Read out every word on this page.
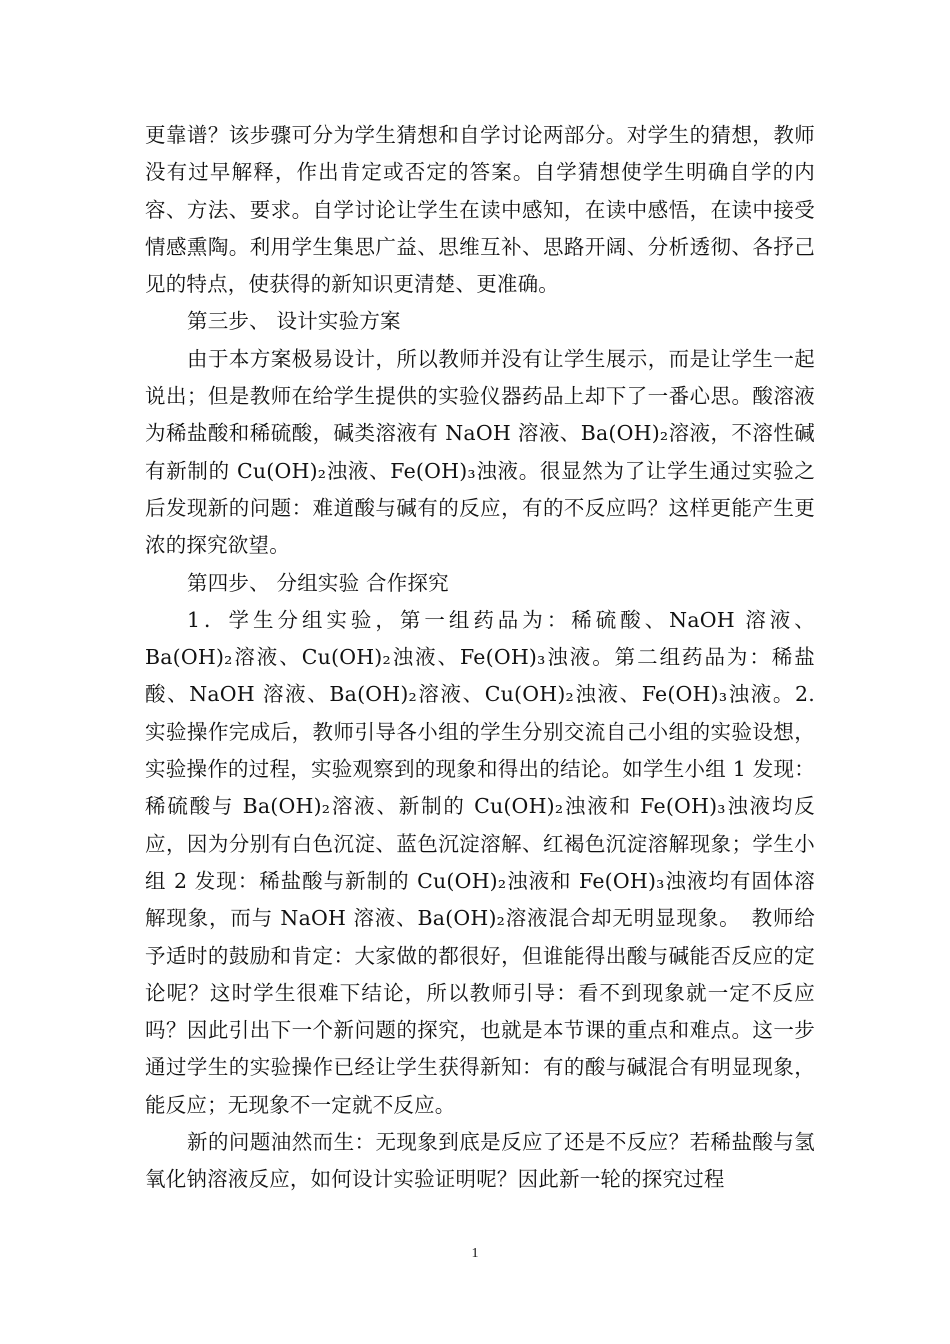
更靠谱？该步骤可分为学生猜想和自学讨论两部分。对学生的猜想，教师没有过早解释，作出肯定或否定的答案。自学猜想使学生明确自学的内容、方法、要求。自学讨论让学生在读中感知，在读中感悟，在读中接受情感熏陶。利用学生集思广益、思维互补、思路开阔、分析透彻、各抒己见的特点，使获得的新知识更清楚、更准确。

第三步、 设计实验方案

由于本方案极易设计，所以教师并没有让学生展示，而是让学生一起说出；但是教师在给学生提供的实验仪器药品上却下了一番心思。酸溶液为稀盐酸和稀硫酸，碱类溶液有 NaOH 溶液、Ba(OH)₂溶液，不溶性碱有新制的 Cu(OH)₂浊液、Fe(OH)₃浊液。很显然为了让学生通过实验之后发现新的问题：难道酸与碱有的反应，有的不反应吗？这样更能产生更浓的探究欲望。

第四步、 分组实验 合作探究

1．学生分组实验，第一组药品为：稀硫酸、NaOH 溶液、Ba(OH)₂溶液、Cu(OH)₂浊液、Fe(OH)₃浊液。第二组药品为：稀盐酸、NaOH 溶液、Ba(OH)₂溶液、Cu(OH)₂浊液、Fe(OH)₃浊液。2. 实验操作完成后，教师引导各小组的学生分别交流自己小组的实验设想，实验操作的过程，实验观察到的现象和得出的结论。如学生小组 1 发现：稀硫酸与 Ba(OH)₂溶液、新制的 Cu(OH)₂浊液和 Fe(OH)₃浊液均反应，因为分别有白色沉淀、蓝色沉淀溶解、红褐色沉淀溶解现象；学生小组 2 发现：稀盐酸与新制的 Cu(OH)₂浊液和 Fe(OH)₃浊液均有固体溶解现象，而与 NaOH 溶液、Ba(OH)₂溶液混合却无明显现象。　教师给予适时的鼓励和肯定：大家做的都很好，但谁能得出酸与碱能否反应的定论呢？这时学生很难下结论，所以教师引导：看不到现象就一定不反应吗？因此引出下一个新问题的探究，也就是本节课的重点和难点。这一步通过学生的实验操作已经让学生获得新知：有的酸与碱混合有明显现象，能反应；无现象不一定就不反应。

新的问题油然而生：无现象到底是反应了还是不反应？若稀盐酸与氢氧化钠溶液反应，如何设计实验证明呢？因此新一轮的探究过程

1
